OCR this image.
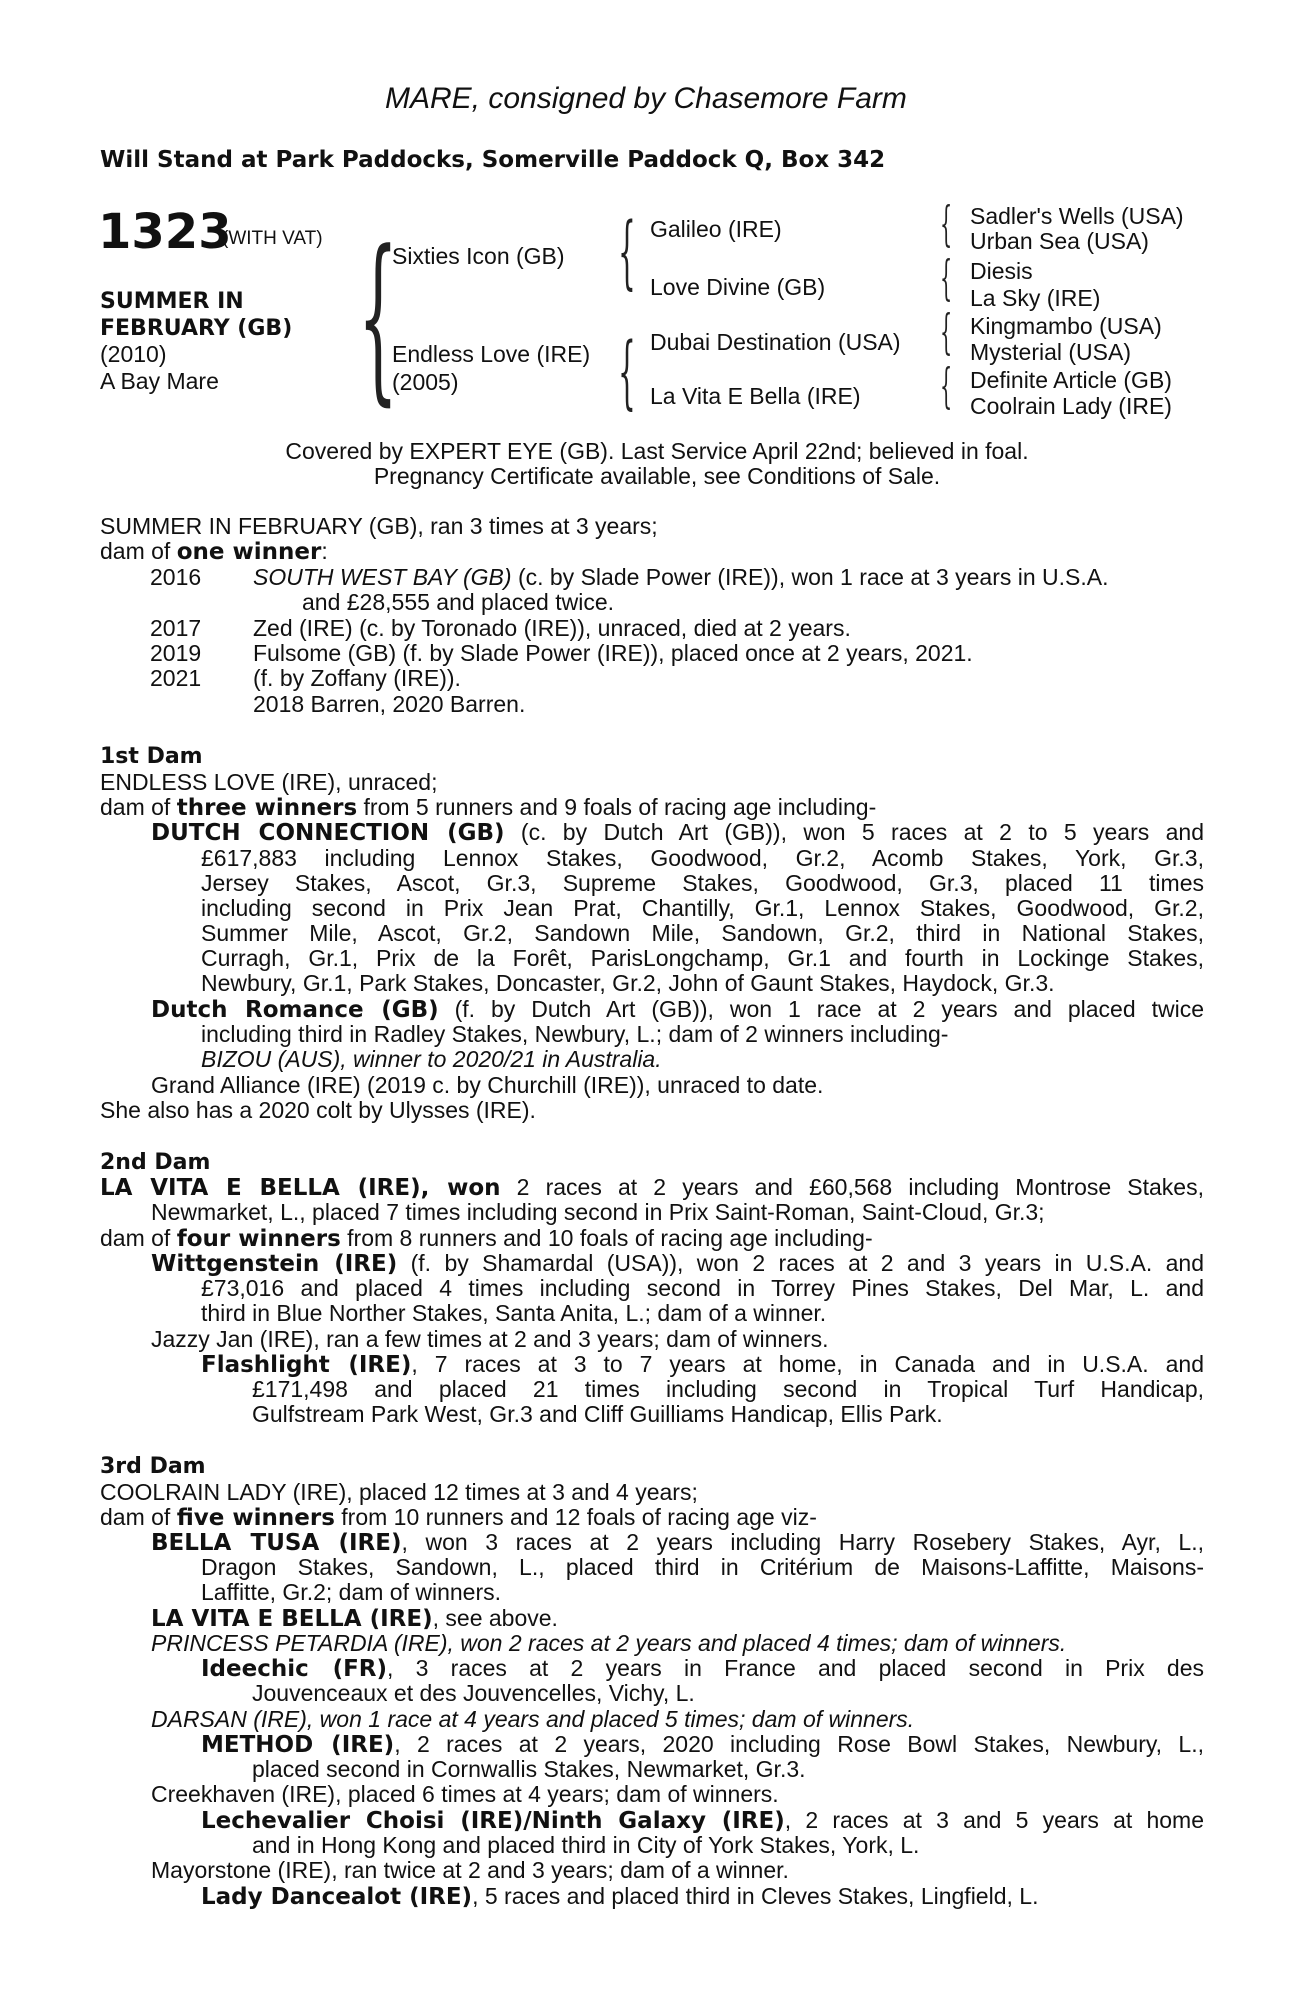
MARE, consigned by Chasemore Farm
Will Stand at Park Paddocks, Somerville Paddock Q, Box 342
1323
(WITH VAT)
SUMMER IN
FEBRUARY (GB)
(2010)
A Bay Mare {	{
{
{
{
{
{
Sixties Icon (GB)
Endless Love (IRE)
(2005)
Galileo (IRE)
Love Divine (GB)
Dubai Destination (USA)
La Vita E Bella (IRE)
Sadler's Wells (USA)
Urban Sea (USA)
Diesis
La Sky (IRE)
Kingmambo (USA)
Mysterial (USA)
Definite Article (GB)
Coolrain Lady (IRE)
Covered by EXPERT EYE (GB). Last Service April 22nd; believed in foal.
Pregnancy Certificate available, see Conditions of Sale.
SUMMER IN FEBRUARY (GB), ran 3 times at 3 years;
dam of one winner:
2016 SOUTH WEST BAY (GB) (c. by Slade Power (IRE)), won 1 race at 3 years in U.S.A.
and £28,555 and placed twice.
2017 Zed (IRE) (c. by Toronado (IRE)), unraced, died at 2 years.
2019 Fulsome (GB) (f. by Slade Power (IRE)), placed once at 2 years, 2021.
2021 (f. by Zoffany (IRE)).
2018 Barren, 2020 Barren.
1st Dam
ENDLESS LOVE (IRE), unraced;
dam of three winners from 5 runners and 9 foals of racing age including-
DUTCH CONNECTION (GB) (c. by Dutch Art (GB)), won 5 races at 2 to 5 years and
£617,883 including Lennox Stakes, Goodwood, Gr.2, Acomb Stakes, York, Gr.3,
Jersey Stakes, Ascot, Gr.3, Supreme Stakes, Goodwood, Gr.3, placed 11 times
including second in Prix Jean Prat, Chantilly, Gr.1, Lennox Stakes, Goodwood, Gr.2,
Summer Mile, Ascot, Gr.2, Sandown Mile, Sandown, Gr.2, third in National Stakes,
Curragh, Gr.1, Prix de la Forêt, ParisLongchamp, Gr.1 and fourth in Lockinge Stakes,
Newbury, Gr.1, Park Stakes, Doncaster, Gr.2, John of Gaunt Stakes, Haydock, Gr.3.
Dutch Romance (GB) (f. by Dutch Art (GB)), won 1 race at 2 years and placed twice
including third in Radley Stakes, Newbury, L.; dam of 2 winners including-
BIZOU (AUS), winner to 2020/21 in Australia.
Grand Alliance (IRE) (2019 c. by Churchill (IRE)), unraced to date.
She also has a 2020 colt by Ulysses (IRE).
2nd Dam
LA VITA E BELLA (IRE), won 2 races at 2 years and £60,568 including Montrose Stakes,
Newmarket, L., placed 7 times including second in Prix Saint-Roman, Saint-Cloud, Gr.3;
dam of four winners from 8 runners and 10 foals of racing age including-
Wittgenstein (IRE) (f. by Shamardal (USA)), won 2 races at 2 and 3 years in U.S.A. and
£73,016 and placed 4 times including second in Torrey Pines Stakes, Del Mar, L. and
third in Blue Norther Stakes, Santa Anita, L.; dam of a winner.
Jazzy Jan (IRE), ran a few times at 2 and 3 years; dam of winners.
Flashlight (IRE), 7 races at 3 to 7 years at home, in Canada and in U.S.A. and
£171,498 and placed 21 times including second in Tropical Turf Handicap,
Gulfstream Park West, Gr.3 and Cliff Guilliams Handicap, Ellis Park.
3rd Dam
COOLRAIN LADY (IRE), placed 12 times at 3 and 4 years;
dam of five winners from 10 runners and 12 foals of racing age viz-
BELLA TUSA (IRE), won 3 races at 2 years including Harry Rosebery Stakes, Ayr, L.,
Dragon Stakes, Sandown, L., placed third in Critérium de Maisons-Laffitte, Maisons-
Laffitte, Gr.2; dam of winners.
LA VITA E BELLA (IRE), see above.
PRINCESS PETARDIA (IRE), won 2 races at 2 years and placed 4 times; dam of winners.
Ideechic (FR), 3 races at 2 years in France and placed second in Prix des
Jouvenceaux et des Jouvencelles, Vichy, L.
DARSAN (IRE), won 1 race at 4 years and placed 5 times; dam of winners.
METHOD (IRE), 2 races at 2 years, 2020 including Rose Bowl Stakes, Newbury, L.,
placed second in Cornwallis Stakes, Newmarket, Gr.3.
Creekhaven (IRE), placed 6 times at 4 years; dam of winners.
Lechevalier Choisi (IRE)/Ninth Galaxy (IRE), 2 races at 3 and 5 years at home
and in Hong Kong and placed third in City of York Stakes, York, L.
Mayorstone (IRE), ran twice at 2 and 3 years; dam of a winner.
Lady Dancealot (IRE), 5 races and placed third in Cleves Stakes, Lingfield, L.
